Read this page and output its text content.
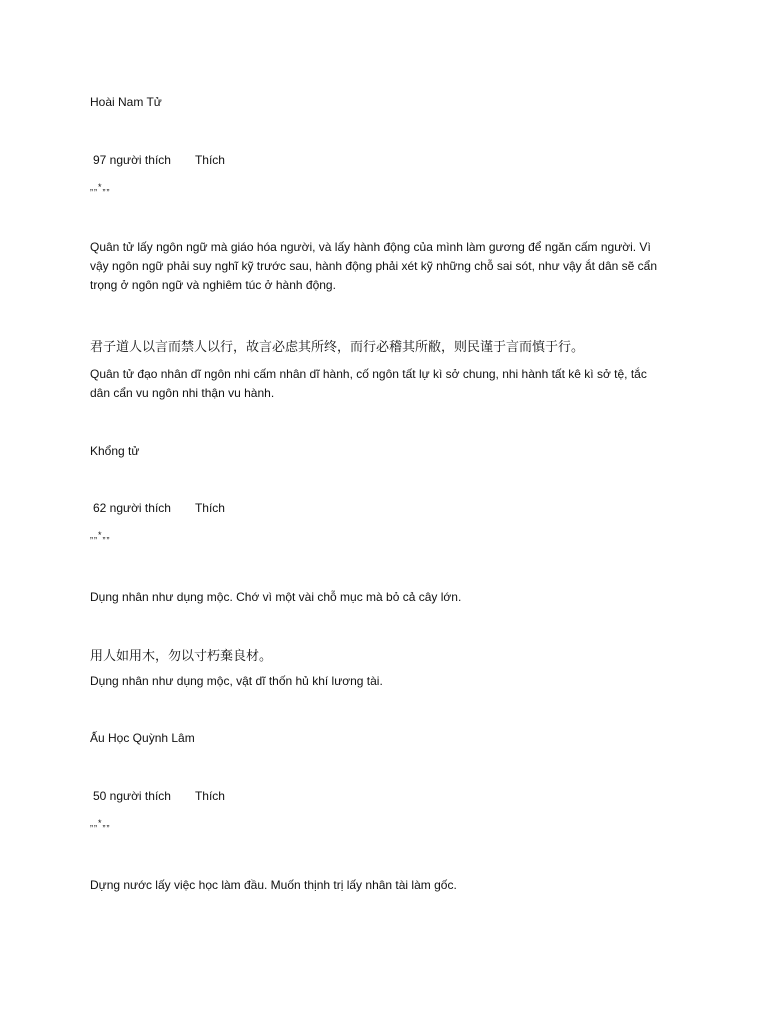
Hoài Nam Tử

97 người thích Thích

„„*„„

Quân tử lấy ngôn ngữ mà giáo hóa người, và lấy hành động của mình làm gương để ngăn cấm người. Vì vậy ngôn ngữ phải suy nghĩ kỹ trước sau, hành động phải xét kỹ những chỗ sai sót, như vậy ắt dân sẽ cẩn trọng ở ngôn ngữ và nghiêm túc ở hành động.

君子道人以言而禁人以行，故言必虑其所终，而行必稽其所敝，则民谨于言而慎于行。

Quân tử đạo nhân dĩ ngôn nhi cấm nhân dĩ hành, cố ngôn tất lự kì sở chung, nhi hành tất kê kì sở tệ, tắc dân cẩn vu ngôn nhi thận vu hành.

Khổng tử

62 người thích Thích

„„*„„

Dụng nhân như dụng mộc. Chớ vì một vài chỗ mục mà bỏ cả cây lớn.

用人如用木，勿以寸朽棄良材。

Dụng nhân như dụng mộc, vật dĩ thốn hủ khí lương tài.

Ấu Học Quỳnh Lâm

50 người thích Thích

„„*„„

Dựng nước lấy việc học làm đầu. Muốn thịnh trị lấy nhân tài làm gốc.
